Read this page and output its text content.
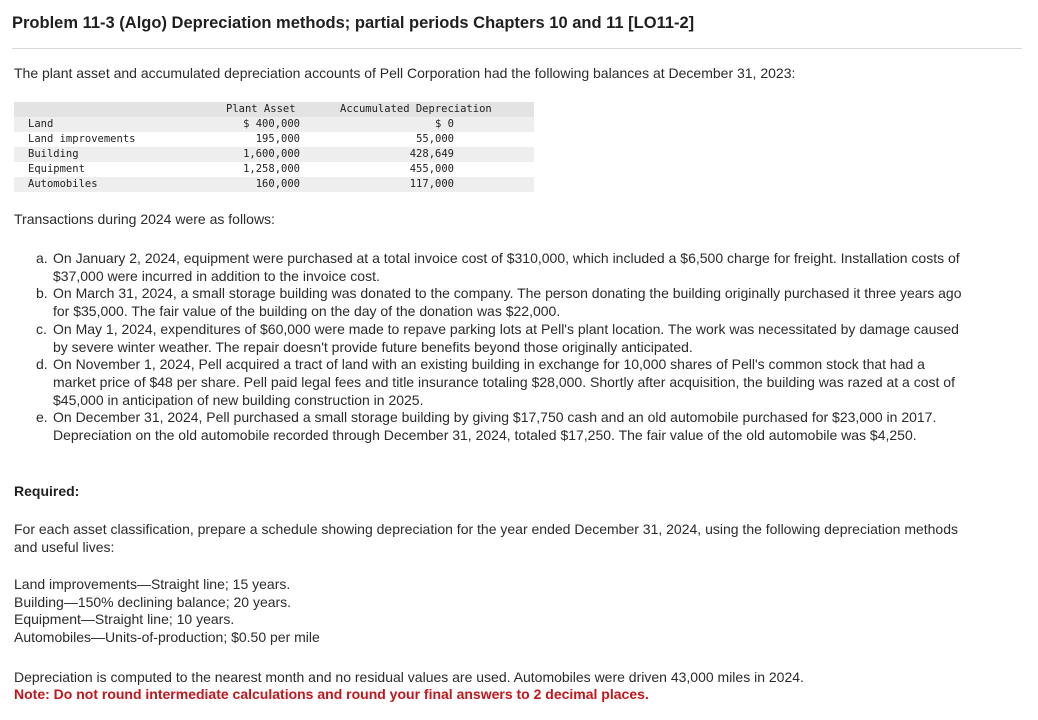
Problem 11-3 (Algo) Depreciation methods; partial periods Chapters 10 and 11 [LO11-2]

The plant asset and accumulated depreciation accounts of Pell Corporation had the following balances at December 31, 2023:

Plant Asset	Accumulated Depreciation
Land	$ 400,000	$ 0
Land improvements	195,000	55,000
Building	1,600,000	428,649
Equipment	1,258,000	455,000
Automobiles	160,000	117,000

Transactions during 2024 were as follows:

a. On January 2, 2024, equipment were purchased at a total invoice cost of $310,000, which included a $6,500 charge for freight. Installation costs of $37,000 were incurred in addition to the invoice cost.

b. On March 31, 2024, a small storage building was donated to the company. The person donating the building originally purchased it three years ago for $35,000. The fair value of the building on the day of the donation was $22,000.

c. On May 1, 2024, expenditures of $60,000 were made to repave parking lots at Pell's plant location. The work was necessitated by damage caused by severe winter weather. The repair doesn't provide future benefits beyond those originally anticipated.

d. On November 1, 2024, Pell acquired a tract of land with an existing building in exchange for 10,000 shares of Pell's common stock that had a market price of $48 per share. Pell paid legal fees and title insurance totaling $28,000. Shortly after acquisition, the building was razed at a cost of $45,000 in anticipation of new building construction in 2025.

e. On December 31, 2024, Pell purchased a small storage building by giving $17,750 cash and an old automobile purchased for $23,000 in 2017. Depreciation on the old automobile recorded through December 31, 2024, totaled $17,250. The fair value of the old automobile was $4,250.

Required:

For each asset classification, prepare a schedule showing depreciation for the year ended December 31, 2024, using the following depreciation methods and useful lives:

Land improvements—Straight line; 15 years.
Building—150% declining balance; 20 years.
Equipment—Straight line; 10 years.
Automobiles—Units-of-production; $0.50 per mile

Depreciation is computed to the nearest month and no residual values are used. Automobiles were driven 43,000 miles in 2024.

Note: Do not round intermediate calculations and round your final answers to 2 decimal places.
